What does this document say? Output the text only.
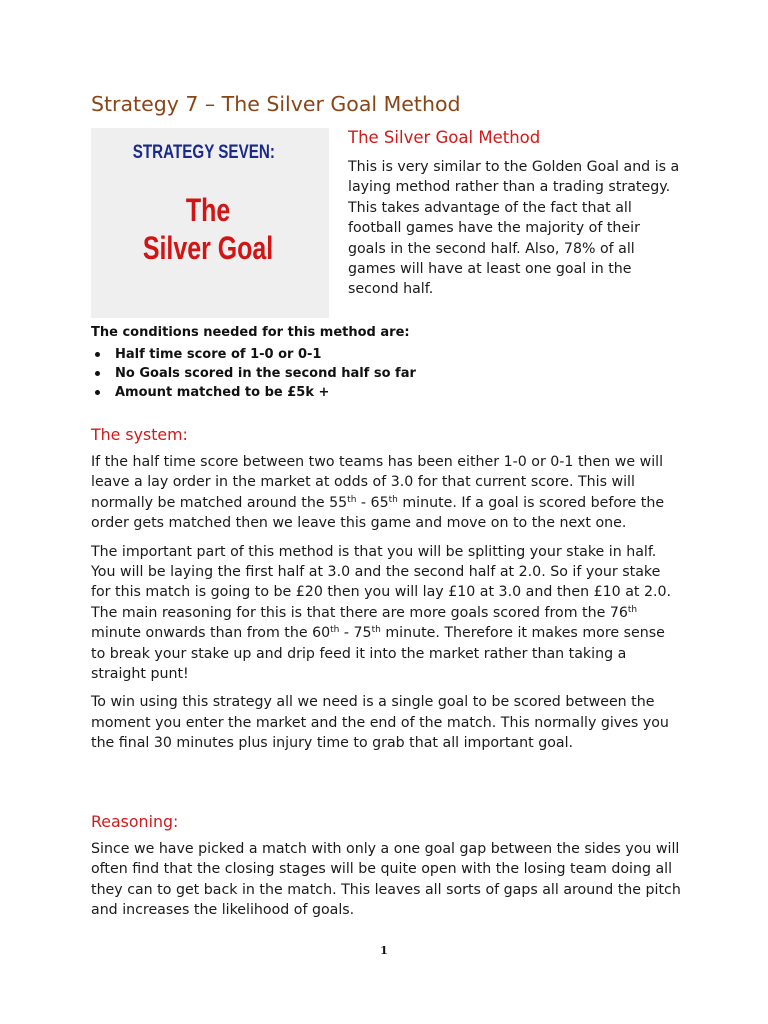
Strategy 7 – The Silver Goal Method
STRATEGY SEVEN:
The
Silver Goal
The Silver Goal Method

This is very similar to the Golden Goal and is a laying method rather than a trading strategy. This takes advantage of the fact that all football games have the majority of their goals in the second half. Also, 78% of all games will have at least one goal in the second half.

The conditions needed for this method are:

Half time score of 1-0 or 0-1
No Goals scored in the second half so far
Amount matched to be £5k +
The system:

If the half time score between two teams has been either 1-0 or 0-1 then we will leave a lay order in the market at odds of 3.0 for that current score. This will normally be matched around the 55th - 65th minute. If a goal is scored before the order gets matched then we leave this game and move on to the next one.

The important part of this method is that you will be splitting your stake in half. You will be laying the first half at 3.0 and the second half at 2.0. So if your stake for this match is going to be £20 then you will lay £10 at 3.0 and then £10 at 2.0. The main reasoning for this is that there are more goals scored from the 76th minute onwards than from the 60th - 75th minute. Therefore it makes more sense to break your stake up and drip feed it into the market rather than taking a straight punt!

To win using this strategy all we need is a single goal to be scored between the moment you enter the market and the end of the match. This normally gives you the final 30 minutes plus injury time to grab that all important goal.

Reasoning:

Since we have picked a match with only a one goal gap between the sides you will often find that the closing stages will be quite open with the losing team doing all they can to get back in the match. This leaves all sorts of gaps all around the pitch and increases the likelihood of goals.

1
